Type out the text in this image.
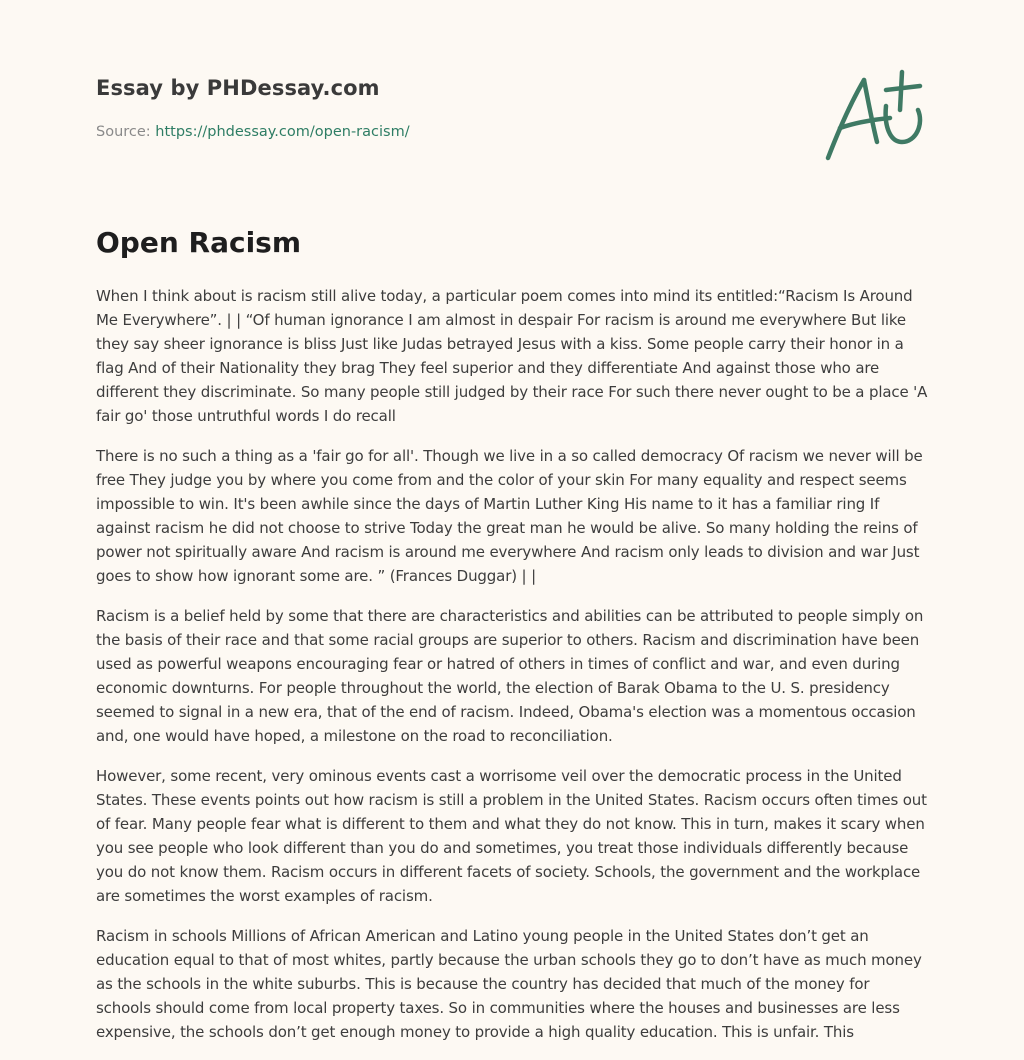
Essay by PHDessay.com
Source: https://phdessay.com/open-racism/
Open Racism

When I think about is racism still alive today, a particular poem comes into mind its entitled:“Racism Is Around Me Everywhere”. | | “Of human ignorance I am almost in despair For racism is around me everywhere But like they say sheer ignorance is bliss Just like Judas betrayed Jesus with a kiss. Some people carry their honor in a flag And of their Nationality they brag They feel superior and they differentiate And against those who are different they discriminate. So many people still judged by their race For such there never ought to be a place 'A fair go' those untruthful words I do recall

There is no such a thing as a 'fair go for all'. Though we live in a so called democracy Of racism we never will be free They judge you by where you come from and the color of your skin For many equality and respect seems impossible to win. It's been awhile since the days of Martin Luther King His name to it has a familiar ring If against racism he did not choose to strive Today the great man he would be alive. So many holding the reins of power not spiritually aware And racism is around me everywhere And racism only leads to division and war Just goes to show how ignorant some are. ” (Frances Duggar) | |

Racism is a belief held by some that there are characteristics and abilities can be attributed to people simply on the basis of their race and that some racial groups are superior to others. Racism and discrimination have been used as powerful weapons encouraging fear or hatred of others in times of conflict and war, and even during economic downturns. For people throughout the world, the election of Barak Obama to the U. S. presidency seemed to signal in a new era, that of the end of racism. Indeed, Obama's election was a momentous occasion and, one would have hoped, a milestone on the road to reconciliation.

However, some recent, very ominous events cast a worrisome veil over the democratic process in the United States. These events points out how racism is still a problem in the United States. Racism occurs often times out of fear. Many people fear what is different to them and what they do not know. This in turn, makes it scary when you see people who look different than you do and sometimes, you treat those individuals differently because you do not know them. Racism occurs in different facets of society. Schools, the government and the workplace are sometimes the worst examples of racism.

Racism in schools Millions of African American and Latino young people in the United States don’t get an education equal to that of most whites, partly because the urban schools they go to don’t have as much money as the schools in the white suburbs. This is because the country has decided that much of the money for schools should come from local property taxes. So in communities where the houses and businesses are less expensive, the schools don’t get enough money to provide a high quality education. This is unfair. This
